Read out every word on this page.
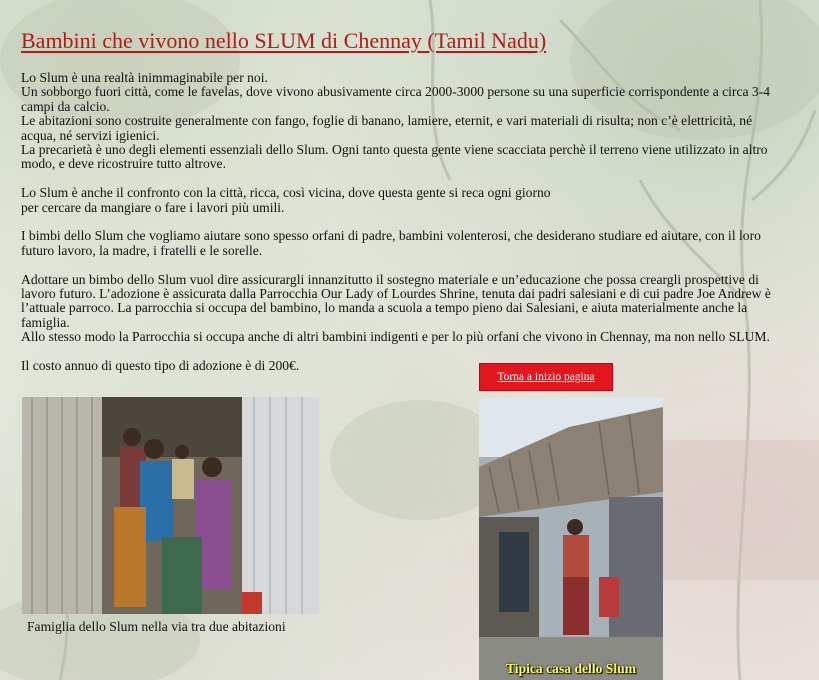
Bambini che vivono nello SLUM di Chennay (Tamil Nadu)

Lo Slum è una realtà inimmaginabile per noi.
Un sobborgo fuori città, come le favelas, dove vivono abusivamente circa 2000-3000 persone su una superficie corrispondente a circa 3-4 campi da calcio.
Le abitazioni sono costruite generalmente con fango, foglie di banano, lamiere, eternit, e vari materiali di risulta; non c’è elettricità, né acqua, né servizi igienici.
La precarietà è uno degli elementi essenziali dello Slum. Ogni tanto questa gente viene scacciata perchè il terreno viene utilizzato in altro modo, e deve ricostruire tutto altrove.

Lo Slum è anche il confronto con la città, ricca, così vicina, dove questa gente si reca ogni giorno
per cercare da mangiare o fare i lavori più umili.

I bimbi dello Slum che vogliamo aiutare sono spesso orfani di padre, bambini volenterosi, che desiderano studiare ed aiutare, con il loro futuro lavoro, la madre, i fratelli e le sorelle.

Adottare un bimbo dello Slum vuol dire assicurargli innanzitutto il sostegno materiale e un’educazione che possa creargli prospettive di lavoro futuro. L’adozione è assicurata dalla Parrocchia Our Lady of Lourdes Shrine, tenuta dai padri salesiani e di cui padre Joe Andrew è l’attuale parroco. La parrocchia si occupa del bambino, lo manda a scuola a tempo pieno dai Salesiani, e aiuta materialmente anche la famiglia.
Allo stesso modo la Parrocchia si occupa anche di altri bambini indigenti e per lo più orfani che vivono in Chennay, ma non nello SLUM.

Il costo annuo di questo tipo di adozione è di 200€.

Torna a inizio pagina
Famiglia dello Slum nella via tra due abitazioni
Tipica casa dello Slum
